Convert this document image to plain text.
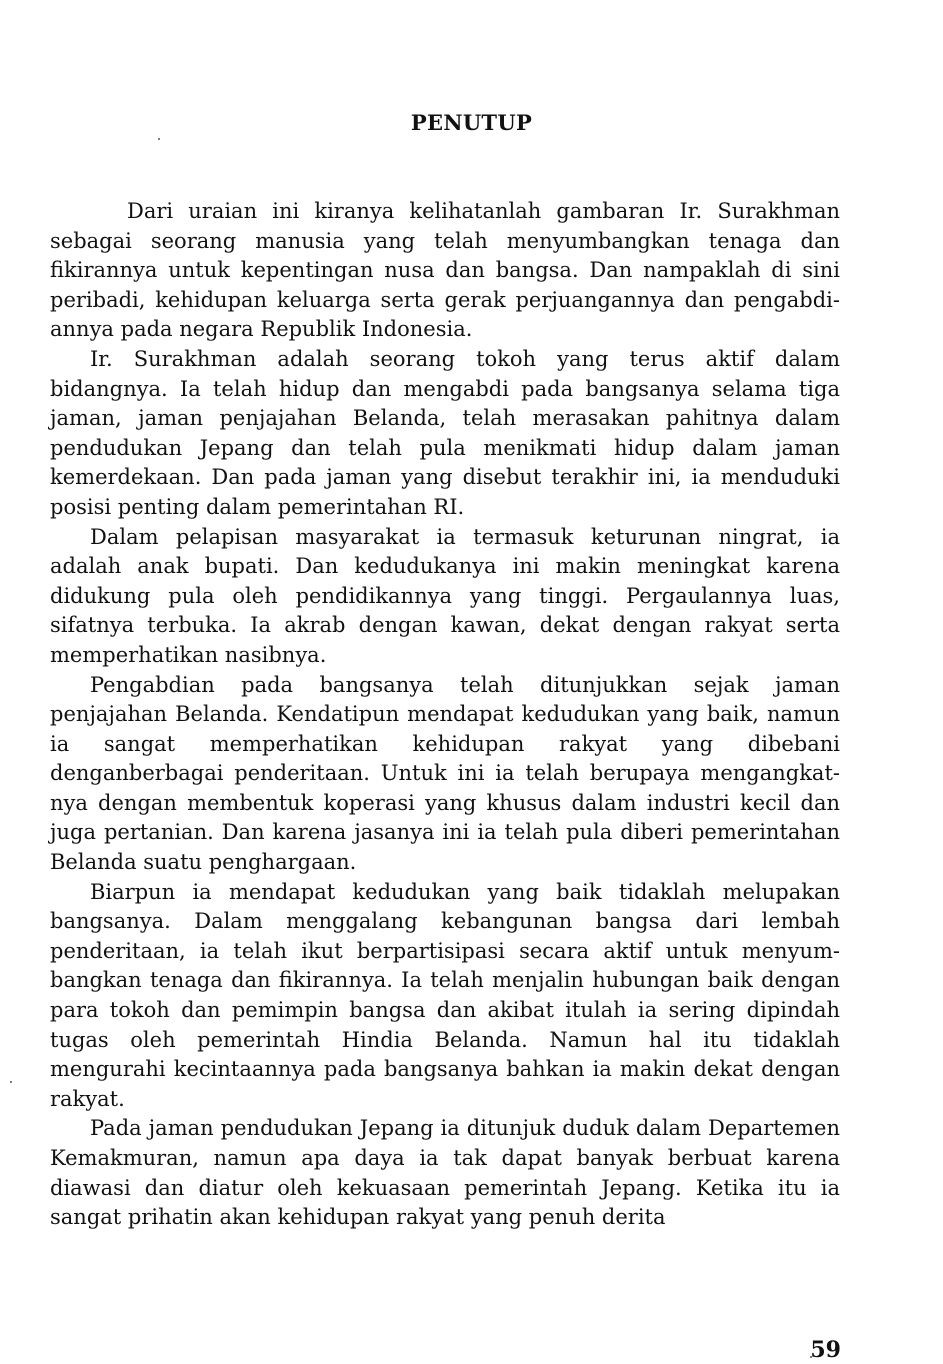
PENUTUP

Dari uraian ini kiranya kelihatanlah gambaran Ir. Surakhman sebagai seorang manusia yang telah menyumbangkan tenaga dan fikirannya untuk kepentingan nusa dan bangsa. Dan nampaklah di sini peribadi, kehidupan keluarga serta gerak perjuangannya dan pengabdiannya pada negara Republik Indonesia.

Ir. Surakhman adalah seorang tokoh yang terus aktif dalam bidangnya. Ia telah hidup dan mengabdi pada bangsanya selama tiga jaman, jaman penjajahan Belanda, telah merasakan pahitnya dalam pendudukan Jepang dan telah pula menikmati hidup dalam jaman kemerdekaan. Dan pada jaman yang disebut terakhir ini, ia menduduki posisi penting dalam pemerintahan RI.

Dalam pelapisan masyarakat ia termasuk keturunan ningrat, ia adalah anak bupati. Dan kedudukanya ini makin meningkat karena didukung pula oleh pendidikannya yang tinggi. Pergaulannya luas, sifatnya terbuka. Ia akrab dengan kawan, dekat dengan rakyat serta memperhatikan nasibnya.

Pengabdian pada bangsanya telah ditunjukkan sejak jaman penjajahan Belanda. Kendatipun mendapat kedudukan yang baik, namun ia sangat memperhatikan kehidupan rakyat yang dibebani denganberbagai penderitaan. Untuk ini ia telah berupaya mengangkatnya dengan membentuk koperasi yang khusus dalam industri kecil dan juga pertanian. Dan karena jasanya ini ia telah pula diberi pemerintahan Belanda suatu penghargaan.

Biarpun ia mendapat kedudukan yang baik tidaklah melupakan bangsanya. Dalam menggalang kebangunan bangsa dari lembah penderitaan, ia telah ikut berpartisipasi secara aktif untuk menyumbangkan tenaga dan fikirannya. Ia telah menjalin hubungan baik dengan para tokoh dan pemimpin bangsa dan akibat itulah ia sering dipindah tugas oleh pemerintah Hindia Belanda. Namun hal itu tidaklah mengurahi kecintaannya pada bangsanya bahkan ia makin dekat dengan rakyat.

Pada jaman pendudukan Jepang ia ditunjuk duduk dalam Departemen Kemakmuran, namun apa daya ia tak dapat banyak berbuat karena diawasi dan diatur oleh kekuasaan pemerintah Jepang. Ketika itu ia sangat prihatin akan kehidupan rakyat yang penuh derita

59
